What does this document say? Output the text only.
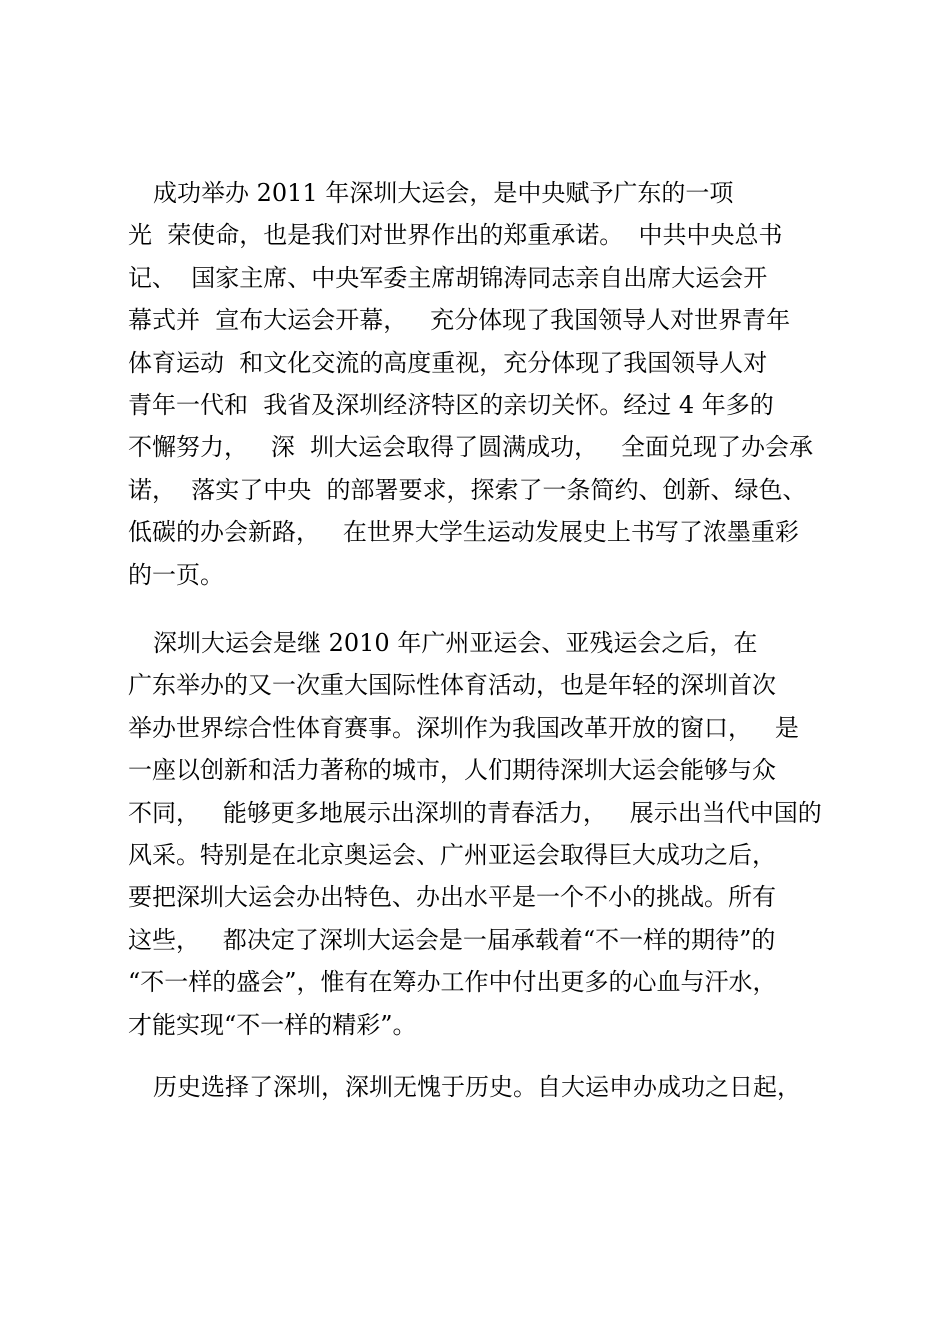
成功举办 2011 年深圳大运会，是中央赋予广东的一项
光  荣使命，也是我们对世界作出的郑重承诺。  中共中央总书
记、  国家主席、中央军委主席胡锦涛同志亲自出席大运会开
幕式并  宣布大运会开幕，   充分体现了我国领导人对世界青年
体育运动  和文化交流的高度重视，充分体现了我国领导人对
青年一代和  我省及深圳经济特区的亲切关怀。经过 4 年多的
不懈努力，   深  圳大运会取得了圆满成功，   全面兑现了办会承
诺，  落实了中央  的部署要求，探索了一条简约、创新、绿色、
低碳的办会新路，   在世界大学生运动发展史上书写了浓墨重彩
的一页。
深圳大运会是继 2010 年广州亚运会、亚残运会之后，在
广东举办的又一次重大国际性体育活动，也是年轻的深圳首次
举办世界综合性体育赛事。深圳作为我国改革开放的窗口，   是
一座以创新和活力著称的城市，人们期待深圳大运会能够与众
不同，   能够更多地展示出深圳的青春活力，   展示出当代中国的
风采。特别是在北京奥运会、广州亚运会取得巨大成功之后，
要把深圳大运会办出特色、办出水平是一个不小的挑战。所有
这些，   都决定了深圳大运会是一届承载着“不一样的期待”的
“不一样的盛会”，惟有在筹办工作中付出更多的心血与汗水，
才能实现“不一样的精彩”。
历史选择了深圳，深圳无愧于历史。自大运申办成功之日起，
